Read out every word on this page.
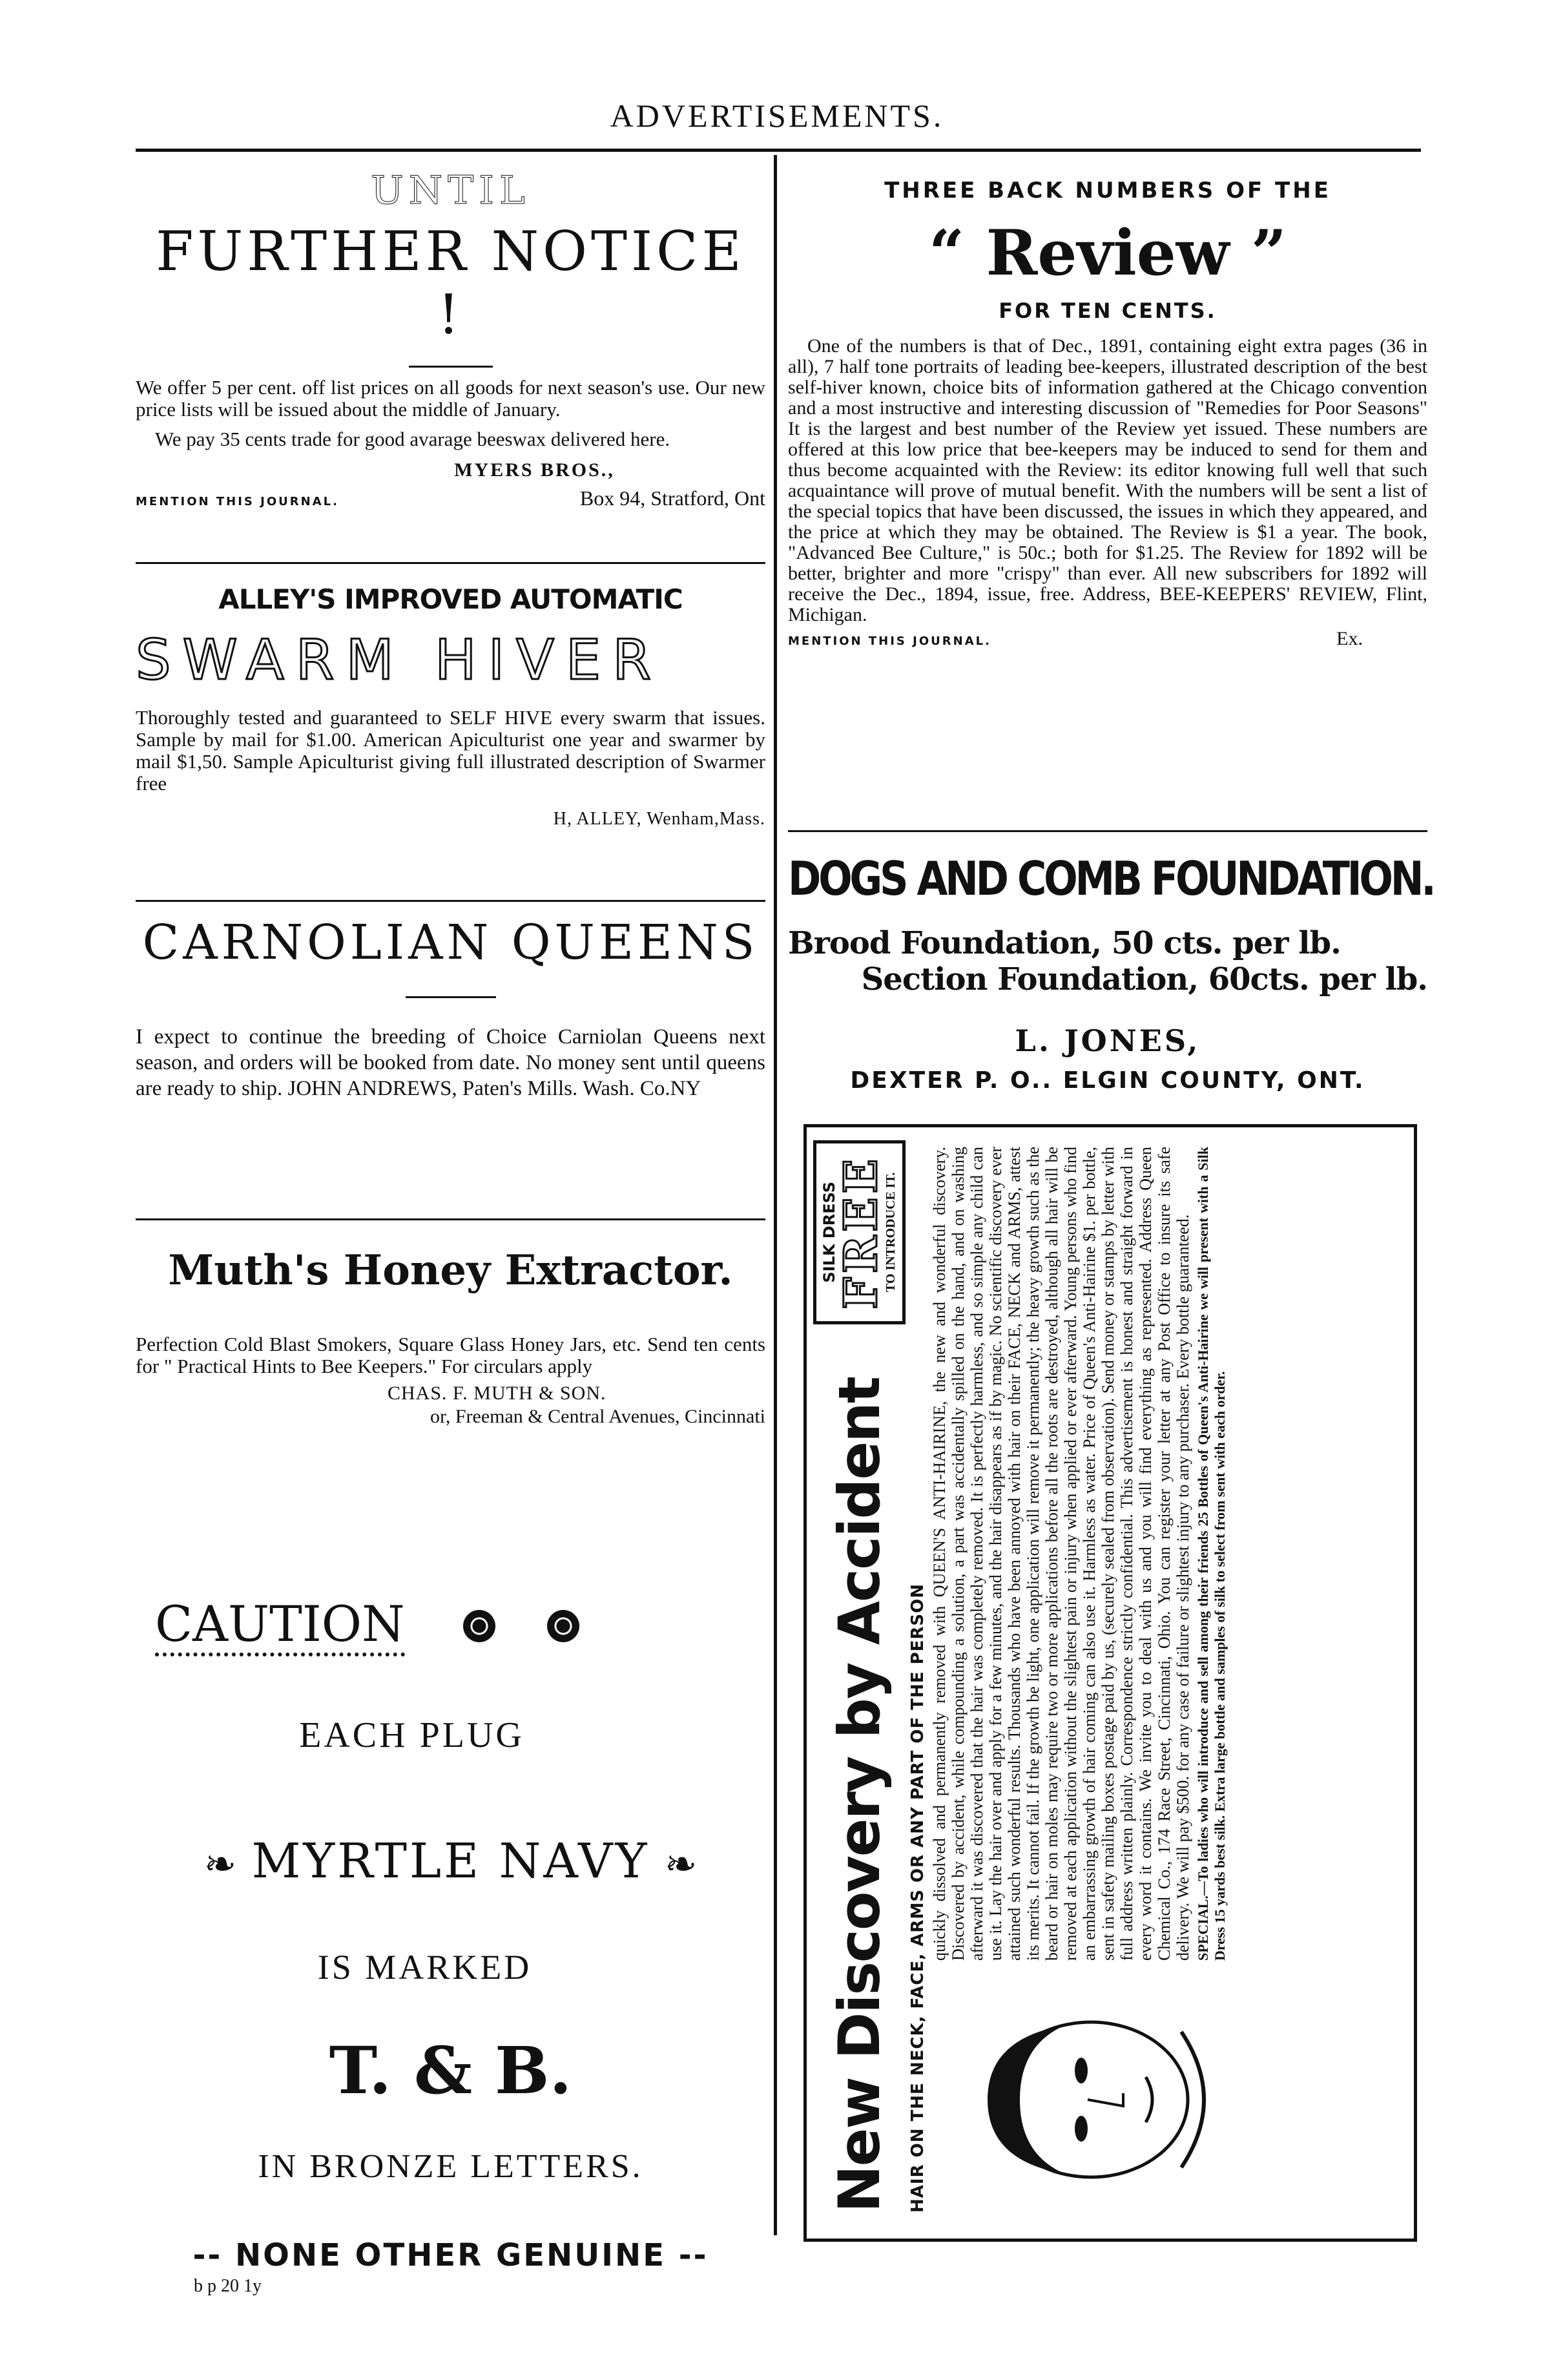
ADVERTISEMENTS.
UNTIL
FURTHER NOTICE !

We offer 5 per cent. off list prices on all goods for next season's use. Our new price lists will be issued about the middle of January.

We pay 35 cents trade for good avarage beeswax delivered here.

MYERS BROS.,
MENTION THIS JOURNAL.	Box 94, Stratford, Ont
ALLEY'S IMPROVED AUTOMATIC
SWARM HIVER

Thoroughly tested and guaranteed to SELF HIVE every swarm that issues. Sample by mail for $1.00. American Apiculturist one year and swarmer by mail $1,50. Sample Apiculturist giving full illustrated description of Swarmer free

H, ALLEY, Wenham,Mass.
CARNOLIAN QUEENS

I expect to continue the breeding of Choice Carniolan Queens next season, and orders will be booked from date. No money sent until queens are ready to ship. JOHN ANDREWS, Paten's Mills. Wash. Co.NY

Muth's Honey Extractor.

Perfection Cold Blast Smokers, Square Glass Honey Jars, etc. Send ten cents for " Practical Hints to Bee Keepers." For circulars apply

CHAS. F. MUTH & SON.
or, Freeman & Central Avenues, Cincinnati
CAUTION
EACH PLUG
❧ MYRTLE NAVY ❧
IS MARKED
T. & B.
IN BRONZE LETTERS.
-- NONE OTHER GENUINE --
b p 20 1y
THREE BACK NUMBERS OF THE
“ Review ”
FOR TEN CENTS.

One of the numbers is that of Dec., 1891, containing eight extra pages (36 in all), 7 half tone portraits of leading bee-keepers, illustrated description of the best self-hiver known, choice bits of information gathered at the Chicago convention and a most instructive and interesting discussion of "Remedies for Poor Seasons" It is the largest and best number of the Review yet issued. These numbers are offered at this low price that bee-keepers may be induced to send for them and thus become acquainted with the Review: its editor knowing full well that such acquaintance will prove of mutual benefit. With the numbers will be sent a list of the special topics that have been discussed, the issues in which they appeared, and the price at which they may be obtained. The Review is $1 a year. The book, "Advanced Bee Culture," is 50c.; both for $1.25. The Review for 1892 will be better, brighter and more "crispy" than ever. All new subscribers for 1892 will receive the Dec., 1894, issue, free. Address, BEE-KEEPERS' REVIEW, Flint, Michigan.

MENTION THIS JOURNAL.	Ex.
DOGS AND COMB FOUNDATION.
Brood Foundation, 50 cts. per lb.
Section Foundation, 60cts. per lb.
L. JONES,
DEXTER P. O.. ELGIN COUNTY, ONT.
New Discovery by Accident
SILK DRESS
FREE
TO INTRODUCE IT.
HAIR ON THE NECK, FACE, ARMS OR ANY PART OF THE PERSON quickly dissolved and permanently removed with QUEEN'S ANTI-HAIRINE, the new and wonderful discovery. Discovered by accident, while compounding a solution, a part was accidentally spilled on the hand, and on washing afterward it was discovered that the hair was completely removed. It is perfectly harmless, and so simple any child can use it. Lay the hair over and apply for a few minutes, and the hair disappears as if by magic. No scientific discovery ever attained such wonderful results. Thousands who have been annoyed with hair on their FACE, NECK and ARMS, attest its merits. It cannot fail. If the growth be light, one application will remove it permanently; the heavy growth such as the beard or hair on moles may require two or more applications before all the roots are destroyed, although all hair will be removed at each application without the slightest pain or injury when applied or ever afterward. Young persons who find an embarrassing growth of hair coming can also use it. Harmless as water. Price of Queen's Anti-Hairine $1. per bottle, sent in safety mailing boxes postage paid by us, (securely sealed from observation). Send money or stamps by letter with full address written plainly. Correspondence strictly confidential. This advertisement is honest and straight forward in every word it contains. We invite you to deal with us and you will find everything as represented. Address Queen Chemical Co., 174 Race Street, Cincinnati, Ohio. You can register your letter at any Post Office to insure its safe delivery. We will pay $500. for any case of failure or slightest injury to any purchaser. Every bottle guaranteed. SPECIAL.—To ladies who will introduce and sell among their friends 25 Bottles of Queen's Anti-Hairine we will present with a Silk Dress 15 yards best silk. Extra large bottle and samples of silk to select from sent with each order.
